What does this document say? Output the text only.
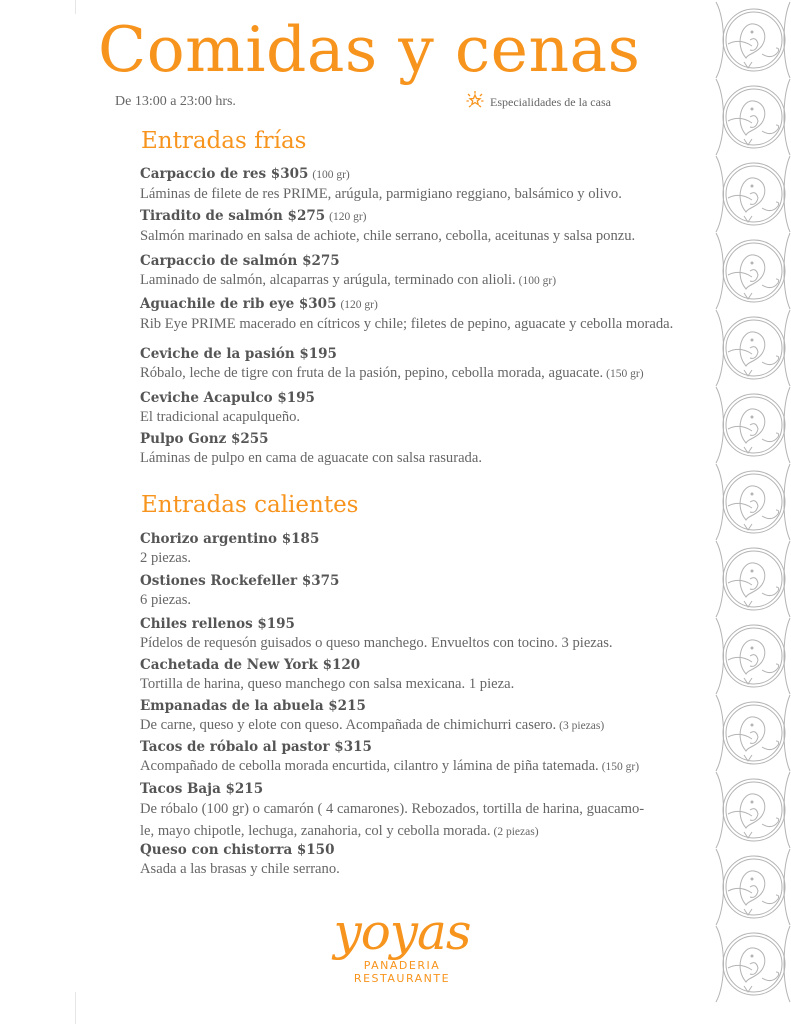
Comidas y cenas
De 13:00 a 23:00 hrs.	Especialidades de la casa
Entradas frías
Entradas calientes
Carpaccio de res $305 (100 gr)
Láminas de filete de res PRIME, arúgula, parmigiano reggiano, balsámico y olivo.
Tiradito de salmón $275 (120 gr)
Salmón marinado en salsa de achiote, chile serrano, cebolla, aceitunas y salsa ponzu.
Carpaccio de salmón $275
Laminado de salmón, alcaparras y arúgula, terminado con alioli. (100 gr)
Aguachile de rib eye $305 (120 gr)
Rib Eye PRIME macerado en cítricos y chile; filetes de pepino, aguacate y cebolla morada.
Ceviche de la pasión $195
Róbalo, leche de tigre con fruta de la pasión, pepino, cebolla morada, aguacate. (150 gr)
Ceviche Acapulco $195
El tradicional acapulqueño.
Pulpo Gonz $255
Láminas de pulpo en cama de aguacate con salsa rasurada.
Chorizo argentino $185
2 piezas.
Ostiones Rockefeller $375
6 piezas.
Chiles rellenos $195
Pídelos de requesón guisados o queso manchego. Envueltos con tocino. 3 piezas.
Cachetada de New York $120
Tortilla de harina, queso manchego con salsa mexicana. 1 pieza.
Empanadas de la abuela $215
De carne, queso y elote con queso. Acompañada de chimichurri casero. (3 piezas)
Tacos de róbalo al pastor $315
Acompañado de cebolla morada encurtida, cilantro y lámina de piña tatemada. (150 gr)
Tacos Baja $215
De róbalo (100 gr) o camarón ( 4 camarones). Rebozados, tortilla de harina, guacamo-
le, mayo chipotle, lechuga, zanahoria, col y cebolla morada. (2 piezas)
Queso con chistorra $150
Asada a las brasas y chile serrano.
yoyas
PANADERIA
RESTAURANTE
